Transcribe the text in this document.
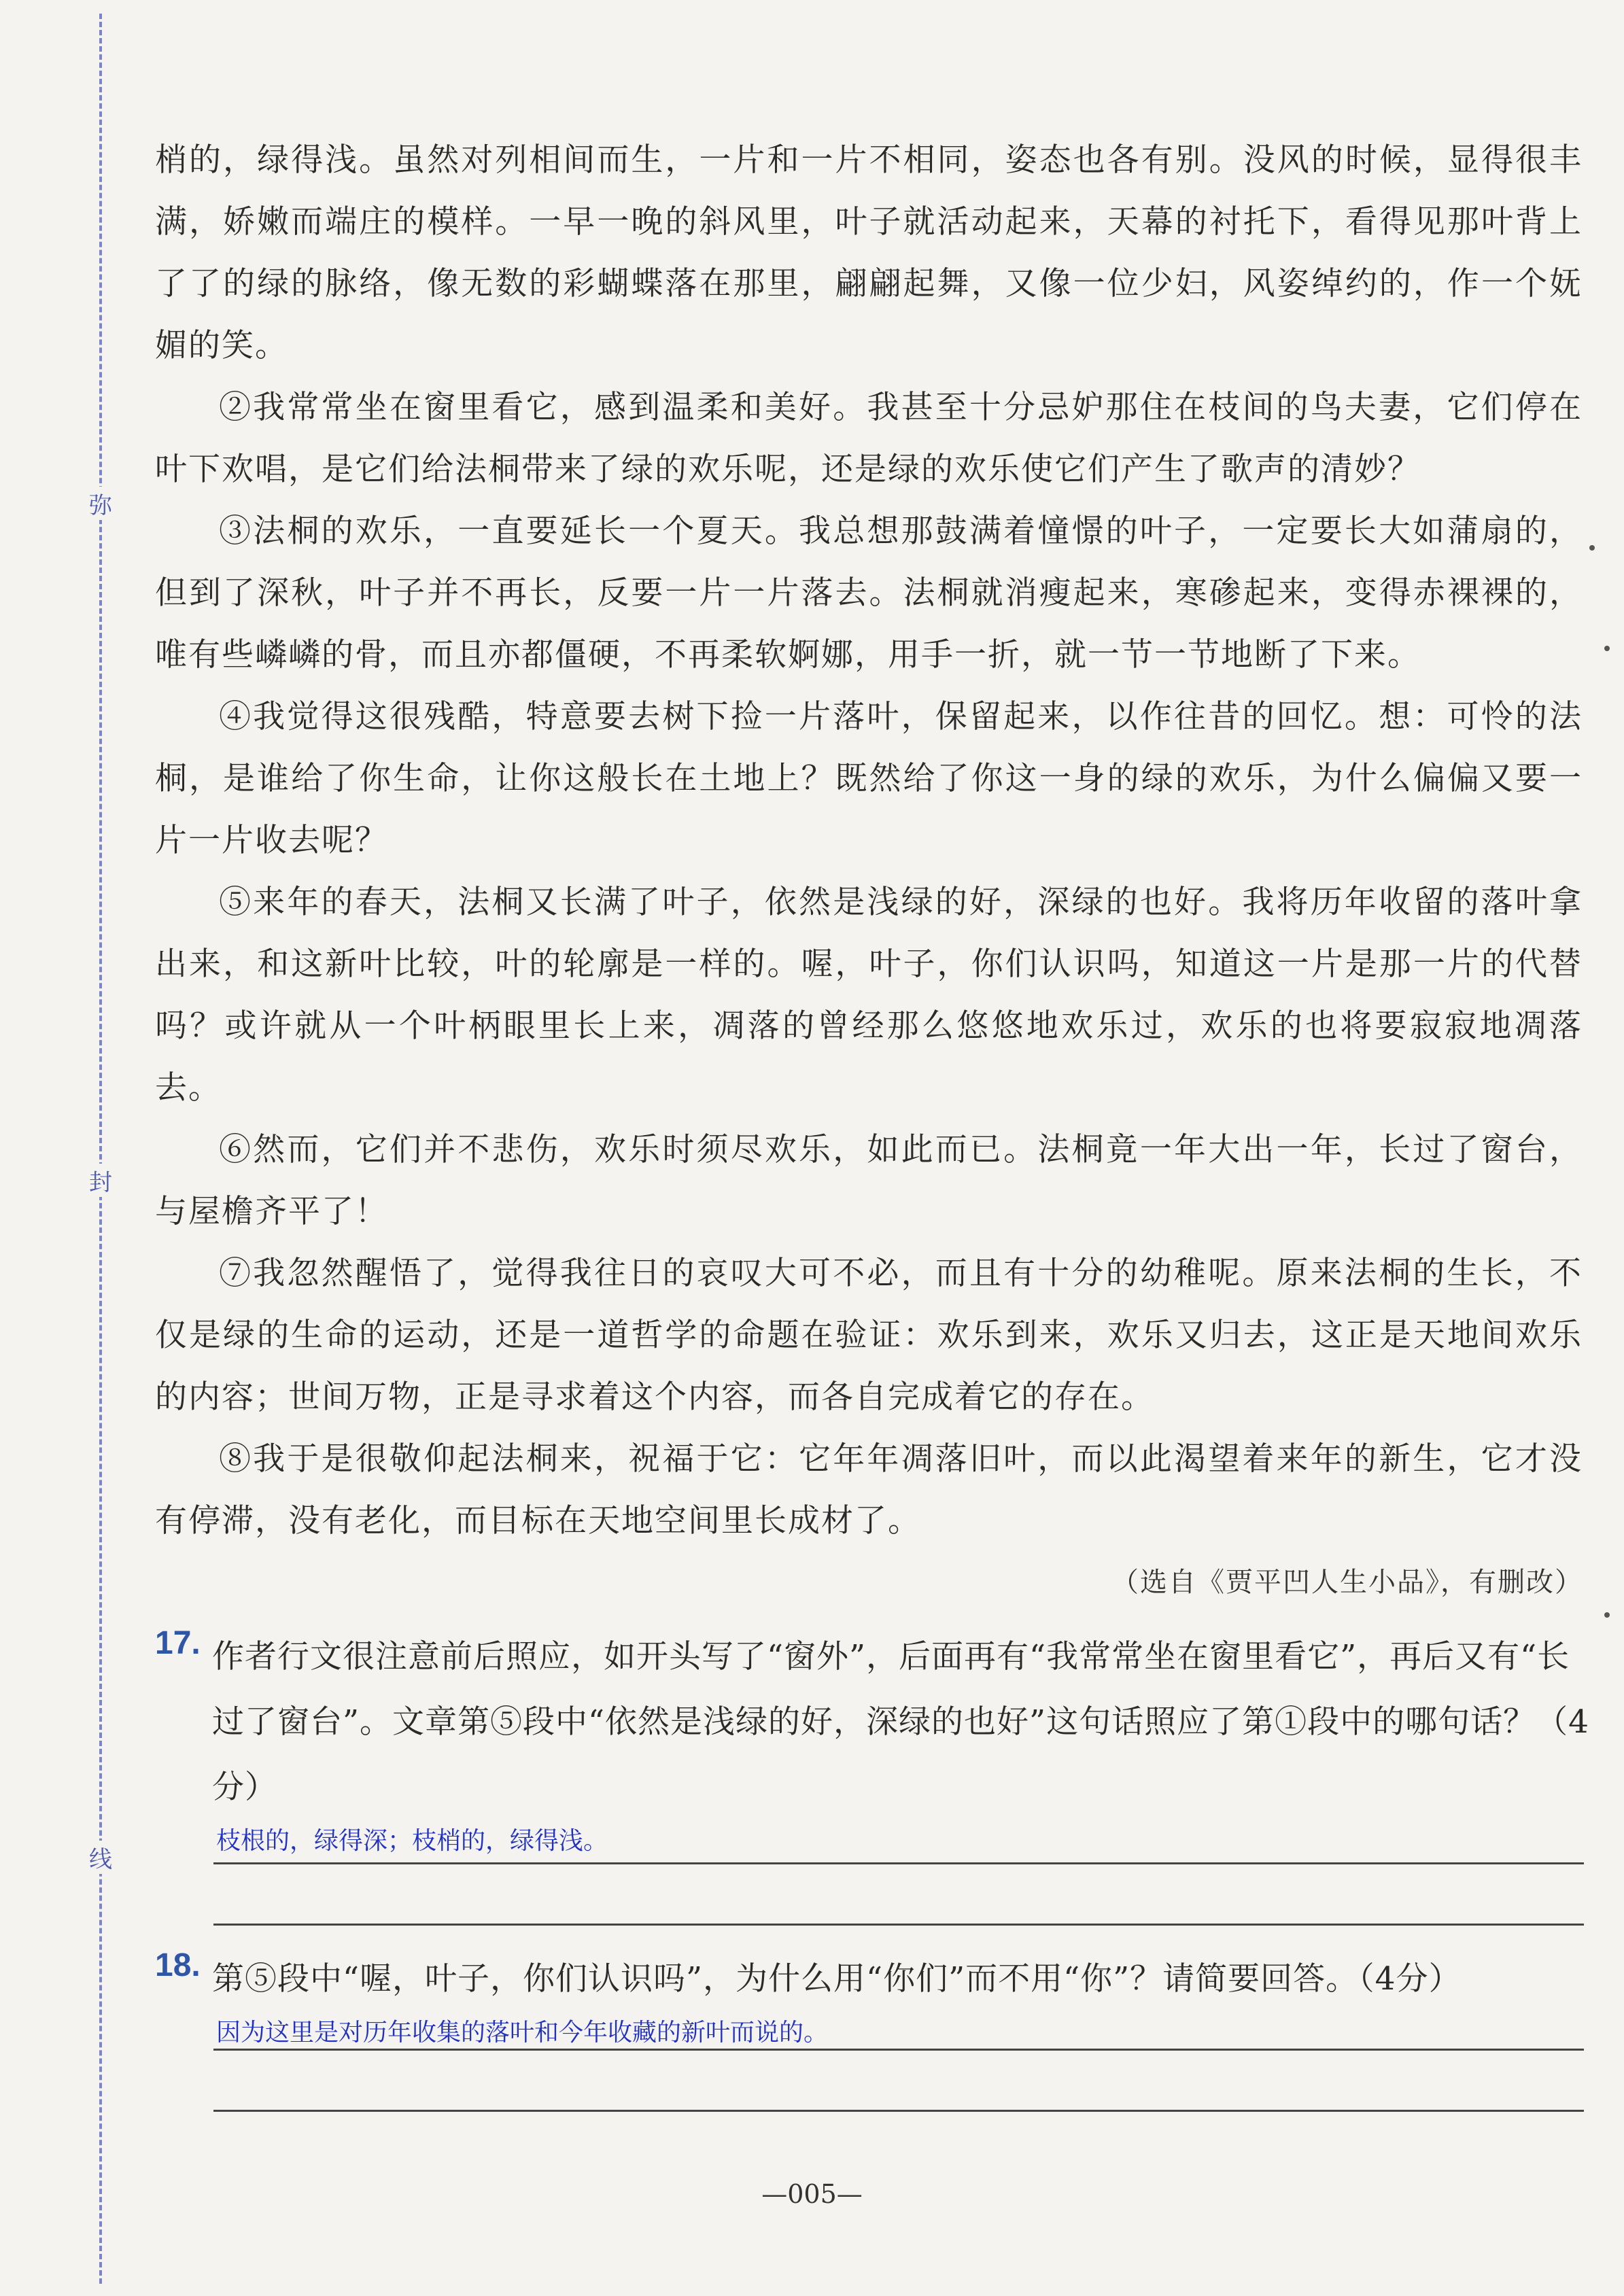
弥
封
线

梢的，绿得浅。虽然对列相间而生，一片和一片不相同，姿态也各有别。没风的时候，显得很丰满，娇嫩而端庄的模样。一早一晚的斜风里，叶子就活动起来，天幕的衬托下，看得见那叶背上了了的绿的脉络，像无数的彩蝴蝶落在那里，翩翩起舞，又像一位少妇，风姿绰约的，作一个妩媚的笑。

②我常常坐在窗里看它，感到温柔和美好。我甚至十分忌妒那住在枝间的鸟夫妻，它们停在叶下欢唱，是它们给法桐带来了绿的欢乐呢，还是绿的欢乐使它们产生了歌声的清妙？

③法桐的欢乐，一直要延长一个夏天。我总想那鼓满着憧憬的叶子，一定要长大如蒲扇的，但到了深秋，叶子并不再长，反要一片一片落去。法桐就消瘦起来，寒碜起来，变得赤裸裸的，唯有些嶙嶙的骨，而且亦都僵硬，不再柔软婀娜，用手一折，就一节一节地断了下来。

④我觉得这很残酷，特意要去树下捡一片落叶，保留起来，以作往昔的回忆。想：可怜的法桐，是谁给了你生命，让你这般长在土地上？既然给了你这一身的绿的欢乐，为什么偏偏又要一片一片收去呢？

⑤来年的春天，法桐又长满了叶子，依然是浅绿的好，深绿的也好。我将历年收留的落叶拿出来，和这新叶比较，叶的轮廓是一样的。喔，叶子，你们认识吗，知道这一片是那一片的代替吗？或许就从一个叶柄眼里长上来，凋落的曾经那么悠悠地欢乐过，欢乐的也将要寂寂地凋落去。

⑥然而，它们并不悲伤，欢乐时须尽欢乐，如此而已。法桐竟一年大出一年，长过了窗台，与屋檐齐平了！

⑦我忽然醒悟了，觉得我往日的哀叹大可不必，而且有十分的幼稚呢。原来法桐的生长，不仅是绿的生命的运动，还是一道哲学的命题在验证：欢乐到来，欢乐又归去，这正是天地间欢乐的内容；世间万物，正是寻求着这个内容，而各自完成着它的存在。

⑧我于是很敬仰起法桐来，祝福于它：它年年凋落旧叶，而以此渴望着来年的新生，它才没有停滞，没有老化，而目标在天地空间里长成材了。

（选自《贾平凹人生小品》，有删改）
17. 作者行文很注意前后照应，如开头写了“窗外”，后面再有“我常常坐在窗里看它”，再后又有“长过了窗台”。文章第⑤段中“依然是浅绿的好，深绿的也好”这句话照应了第①段中的哪句话？（4分）
枝根的，绿得深；枝梢的，绿得浅。
18. 第⑤段中“喔，叶子，你们认识吗”，为什么用“你们”而不用“你”？请简要回答。（4分）
因为这里是对历年收集的落叶和今年收藏的新叶而说的。
—005—
